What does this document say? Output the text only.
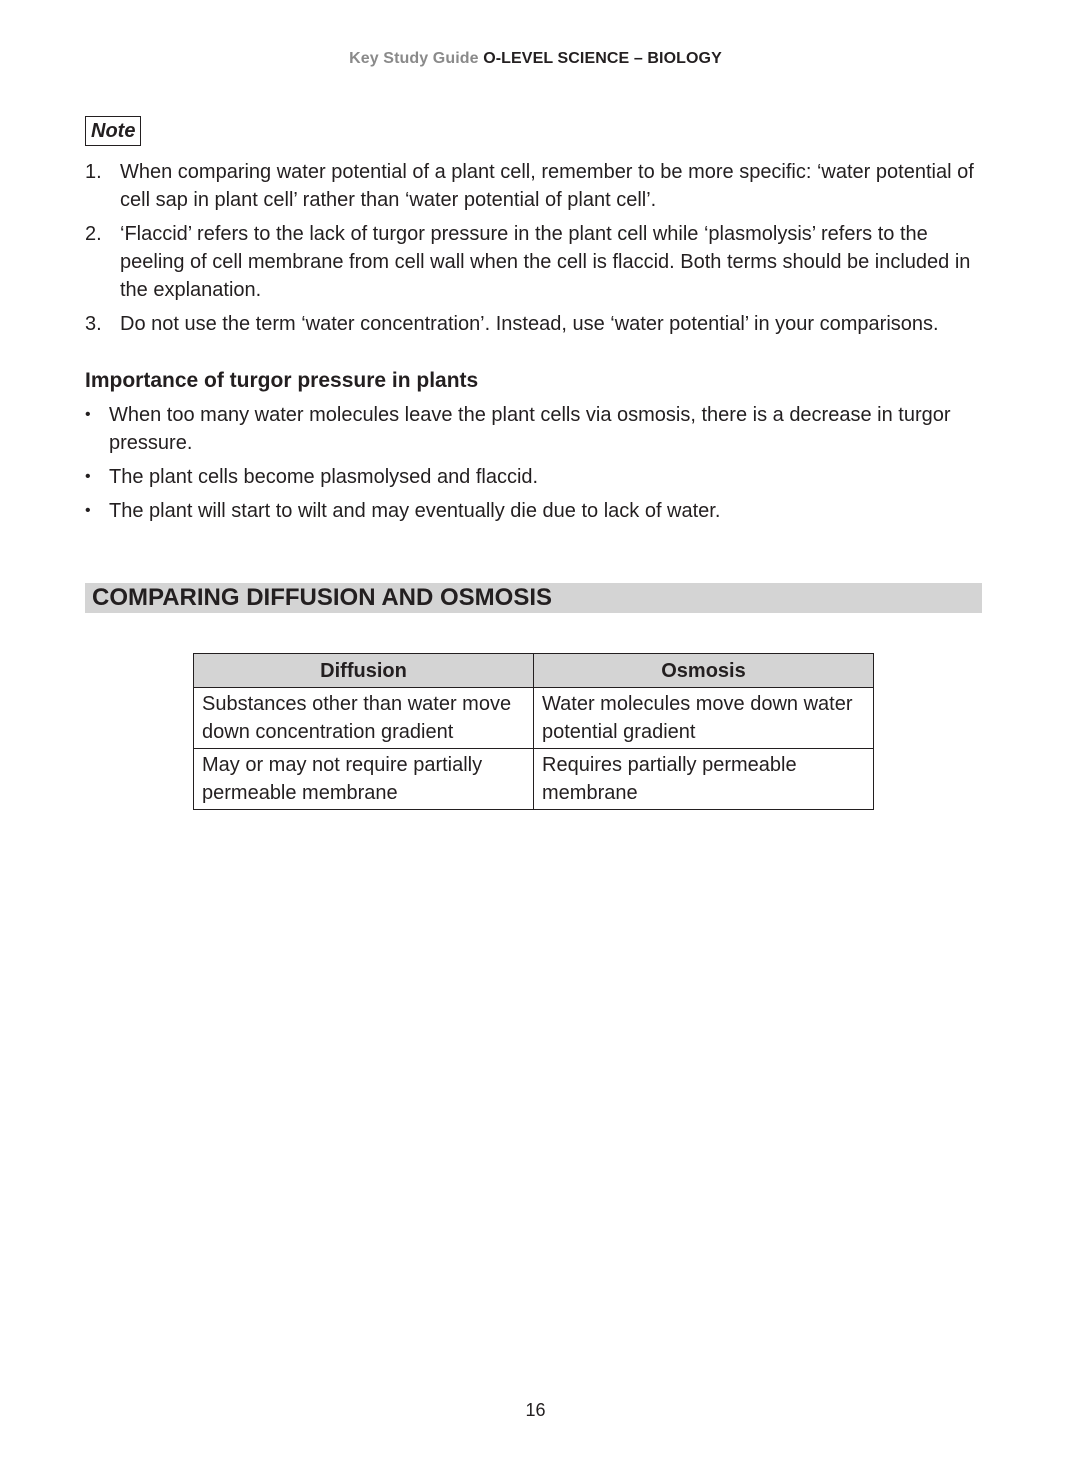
Key Study Guide O-LEVEL SCIENCE – BIOLOGY
Note
1. When comparing water potential of a plant cell, remember to be more specific: ‘water potential of cell sap in plant cell’ rather than ‘water potential of plant cell’.
2. ‘Flaccid’ refers to the lack of turgor pressure in the plant cell while ‘plasmolysis’ refers to the peeling of cell membrane from cell wall when the cell is flaccid. Both terms should be included in the explanation.
3. Do not use the term ‘water concentration’. Instead, use ‘water potential’ in your comparisons.
Importance of turgor pressure in plants
• When too many water molecules leave the plant cells via osmosis, there is a decrease in turgor pressure.
• The plant cells become plasmolysed and flaccid.
• The plant will start to wilt and may eventually die due to lack of water.
COMPARING DIFFUSION AND OSMOSIS
Diffusion	Osmosis
Substances other than water move down concentration gradient	Water molecules move down water potential gradient
May or may not require partially permeable membrane	Requires partially permeable membrane
16
